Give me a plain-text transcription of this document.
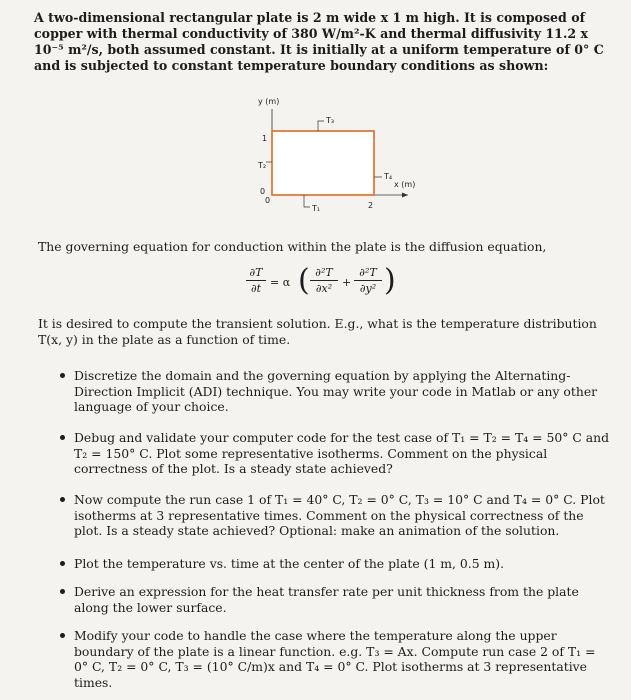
A two-dimensional rectangular plate is 2 m wide x 1 m high. It is composed of copper with thermal conductivity of 380 W/m²-K and thermal diffusivity 11.2 x 10⁻⁵ m²/s, both assumed constant. It is initially at a uniform temperature of 0° C and is subjected to constant temperature boundary conditions as shown:

y (m)
1
T₂
0
0
2
T₃
T₄
T₁
x (m)

The governing equation for conduction within the plate is the diffusion equation,

∂T
∂t = α ( ∂²T
∂x² +
∂²T
∂y² )

It is desired to compute the transient solution. E.g., what is the temperature distribution T(x, y) in the plate as a function of time.

Discretize the domain and the governing equation by applying the Alternating-Direction Implicit (ADI) technique. You may write your code in Matlab or any other language of your choice.
Debug and validate your computer code for the test case of T₁ = T₂ = T₄ = 50° C and T₂ = 150° C. Plot some representative isotherms. Comment on the physical correctness of the plot. Is a steady state achieved?
Now compute the run case 1 of T₁ = 40° C, T₂ = 0° C, T₃ = 10° C and T₄ = 0° C. Plot isotherms at 3 representative times. Comment on the physical correctness of the plot. Is a steady state achieved? Optional: make an animation of the solution.
Plot the temperature vs. time at the center of the plate (1 m, 0.5 m).
Derive an expression for the heat transfer rate per unit thickness from the plate along the lower surface.
Modify your code to handle the case where the temperature along the upper boundary of the plate is a linear function. e.g. T₃ = Ax. Compute run case 2 of T₁ = 0° C, T₂ = 0° C, T₃ = (10° C/m)x and T₄ = 0° C. Plot isotherms at 3 representative times.
